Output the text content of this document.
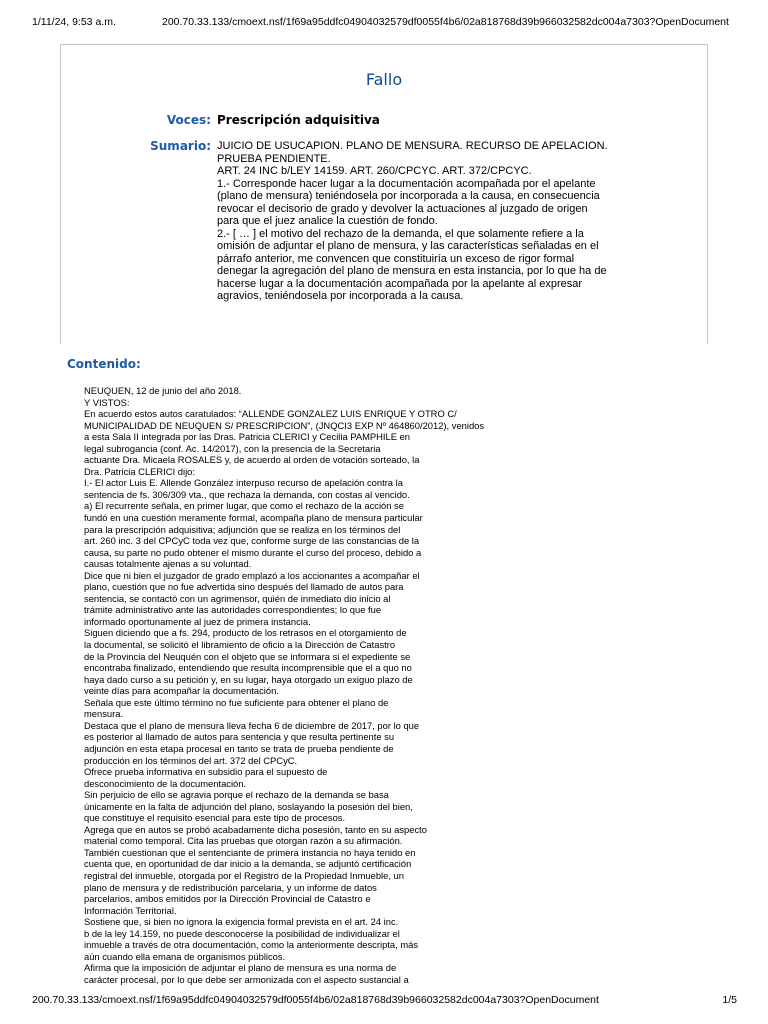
1/11/24, 9:53 a.m.	200.70.33.133/cmoext.nsf/1f69a95ddfc04904032579df0055f4b6/02a818768d39b966032582dc004a7303?OpenDocument
Fallo
Voces: Prescripción adquisitiva
Sumario: JUICIO DE USUCAPION. PLANO DE MENSURA. RECURSO DE APELACION.
PRUEBA PENDIENTE.
ART. 24 INC b/LEY 14159. ART. 260/CPCYC. ART. 372/CPCYC.
1.- Corresponde hacer lugar a la documentación acompañada por el apelante
(plano de mensura) teniéndosela por incorporada a la causa, en consecuencia
revocar el decisorio de grado y devolver la actuaciones al juzgado de origen
para que el juez analice la cuestión de fondo.
2.- [ … ] el motivo del rechazo de la demanda, el que solamente refiere a la
omisión de adjuntar el plano de mensura, y las características señaladas en el
párrafo anterior, me convencen que constituiría un exceso de rigor formal
denegar la agregación del plano de mensura en esta instancia, por lo que ha de
hacerse lugar a la documentación acompañada por la apelante al expresar
agravios, teniéndosela por incorporada a la causa.
Contenido:
NEUQUEN, 12 de junio del año 2018.
Y VISTOS:
En acuerdo estos autos caratulados: “ALLENDE GONZALEZ LUIS ENRIQUE Y OTRO C/
MUNICIPALIDAD DE NEUQUEN S/ PRESCRIPCION”, (JNQCI3 EXP Nº 464860/2012), venidos
a esta Sala II integrada por las Dras. Patricia CLERICI y Cecilia PAMPHILE en
legal subrogancia (conf. Ac. 14/2017), con la presencia de la Secretaria
actuante Dra. Micaela ROSALES y, de acuerdo al orden de votación sorteado, la
Dra. Patricia CLERICI dijo:
I.- El actor Luis E. Allende González interpuso recurso de apelación contra la
sentencia de fs. 306/309 vta., que rechaza la demanda, con costas al vencido.
a) El recurrente señala, en primer lugar, que como el rechazo de la acción se
fundó en una cuestión meramente formal, acompaña plano de mensura particular
para la prescripción adquisitiva; adjunción que se realiza en los términos del
art. 260 inc. 3 del CPCyC toda vez que, conforme surge de las constancias de la
causa, su parte no pudo obtener el mismo durante el curso del proceso, debido a
causas totalmente ajenas a su voluntad.
Dice que ni bien el juzgador de grado emplazó a los accionantes a acompañar el
plano, cuestión que no fue advertida sino después del llamado de autos para
sentencia, se contactó con un agrimensor, quién de inmediato dio inicio al
trámite administrativo ante las autoridades correspondientes; lo que fue
informado oportunamente al juez de primera instancia.
Siguen diciendo que a fs. 294, producto de los retrasos en el otorgamiento de
la documental, se solicitó el libramiento de oficio a la Dirección de Catastro
de la Provincia del Neuquén con el objeto que se informara si el expediente se
encontraba finalizado, entendiendo que resulta incomprensible que el a quo no
haya dado curso a su petición y, en su lugar, haya otorgado un exiguo plazo de
veinte días para acompañar la documentación.
Señala que este último término no fue suficiente para obtener el plano de
mensura.
Destaca que el plano de mensura lleva fecha 6 de diciembre de 2017, por lo que
es posterior al llamado de autos para sentencia y que resulta pertinente su
adjunción en esta etapa procesal en tanto se trata de prueba pendiente de
producción en los términos del art. 372 del CPCyC.
Ofrece prueba informativa en subsidio para el supuesto de
desconocimiento de la documentación.
Sin perjuicio de ello se agravia porque el rechazo de la demanda se basa
únicamente en la falta de adjunción del plano, soslayando la posesión del bien,
que constituye el requisito esencial para este tipo de procesos.
Agrega que en autos se probó acabadamente dicha posesión, tanto en su aspecto
material como temporal. Cita las pruebas que otorgan razón a su afirmación.
También cuestionan que el sentenciante de primera instancia no haya tenido en
cuenta que, en oportunidad de dar inicio a la demanda, se adjuntó certificación
registral del inmueble, otorgada por el Registro de la Propiedad Inmueble, un
plano de mensura y de redistribución parcelaria, y un informe de datos
parcelarios, ambos emitidos por la Dirección Provincial de Catastro e
Información Territorial.
Sostiene que, si bien no ignora la exigencia formal prevista en el art. 24 inc.
b de la ley 14.159, no puede desconocerse la posibilidad de individualizar el
inmueble a través de otra documentación, como la anteriormente descripta, más
aún cuando ella emana de organismos públicos.
Afirma que la imposición de adjuntar el plano de mensura es una norma de
carácter procesal, por lo que debe ser armonizada con el aspecto sustancial a
200.70.33.133/cmoext.nsf/1f69a95ddfc04904032579df0055f4b6/02a818768d39b966032582dc004a7303?OpenDocument	1/5
